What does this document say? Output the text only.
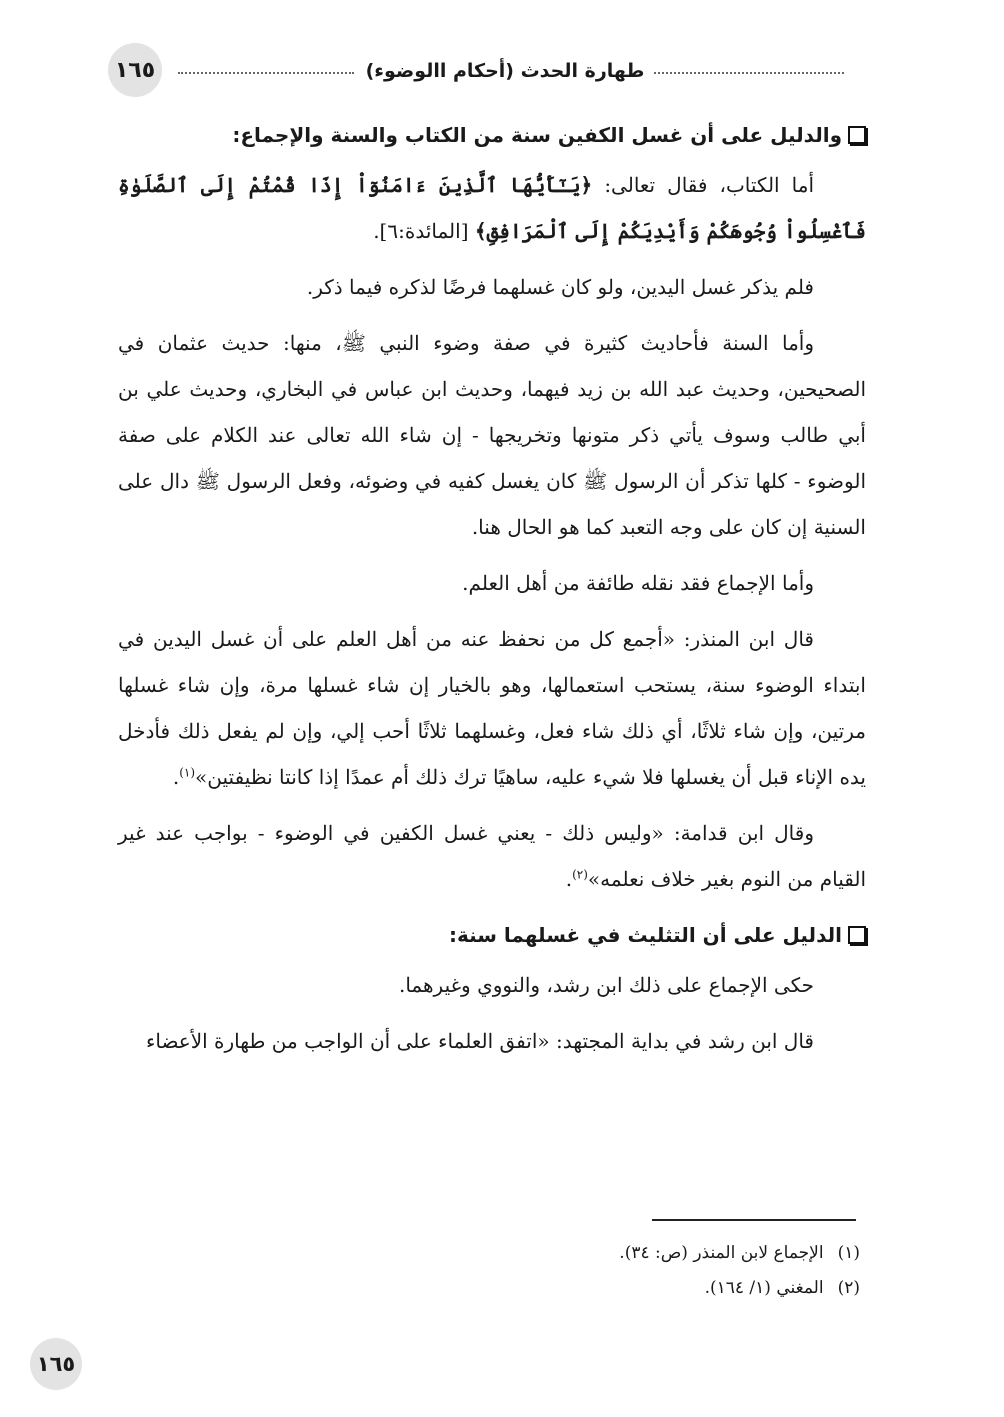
١٦٥	طهارة الحدث (أحكام االوضوء)
والدليل على أن غسل الكفين سنة من الكتاب والسنة والإجماع:

أما الكتاب، فقال تعالى: ﴿يَـٰٓأَيُّهَا ٱلَّذِينَ ءَامَنُوٓاْ إِذَا قُمْتُمْ إِلَى ٱلصَّلَوٰةِ فَٱغْسِلُواْ وُجُوهَكُمْ وَأَيْدِيَكُمْ إِلَى ٱلْمَرَافِقِ﴾ [المائدة:٦].

فلم يذكر غسل اليدين، ولو كان غسلهما فرضًا لذكره فيما ذكر.

وأما السنة فأحاديث كثيرة في صفة وضوء النبي ﷺ، منها: حديث عثمان في الصحيحين، وحديث عبد الله بن زيد فيهما، وحديث ابن عباس في البخاري، وحديث علي بن أبي طالب وسوف يأتي ذكر متونها وتخريجها - إن شاء الله تعالى عند الكلام على صفة الوضوء - كلها تذكر أن الرسول ﷺ كان يغسل كفيه في وضوئه، وفعل الرسول ﷺ دال على السنية إن كان على وجه التعبد كما هو الحال هنا.

وأما الإجماع فقد نقله طائفة من أهل العلم.

قال ابن المنذر: «أجمع كل من نحفظ عنه من أهل العلم على أن غسل اليدين في ابتداء الوضوء سنة، يستحب استعمالها، وهو بالخيار إن شاء غسلها مرة، وإن شاء غسلها مرتين، وإن شاء ثلاثًا، أي ذلك شاء فعل، وغسلهما ثلاثًا أحب إلي، وإن لم يفعل ذلك فأدخل يده الإناء قبل أن يغسلها فلا شيء عليه، ساهيًا ترك ذلك أم عمدًا إذا كانتا نظيفتين»$^{(١)}$.

وقال ابن قدامة: «وليس ذلك - يعني غسل الكفين في الوضوء - بواجب عند غير القيام من النوم بغير خلاف نعلمه»$^{(٢)}$.

الدليل على أن التثليث في غسلهما سنة:

حكى الإجماع على ذلك ابن رشد، والنووي وغيرهما.

قال ابن رشد في بداية المجتهد: «اتفق العلماء على أن الواجب من طهارة الأعضاء

(١)
الإجماع لابن المنذر (ص: ٣٤).
(٢)
المغني (١/ ١٦٤).
١٦٥
